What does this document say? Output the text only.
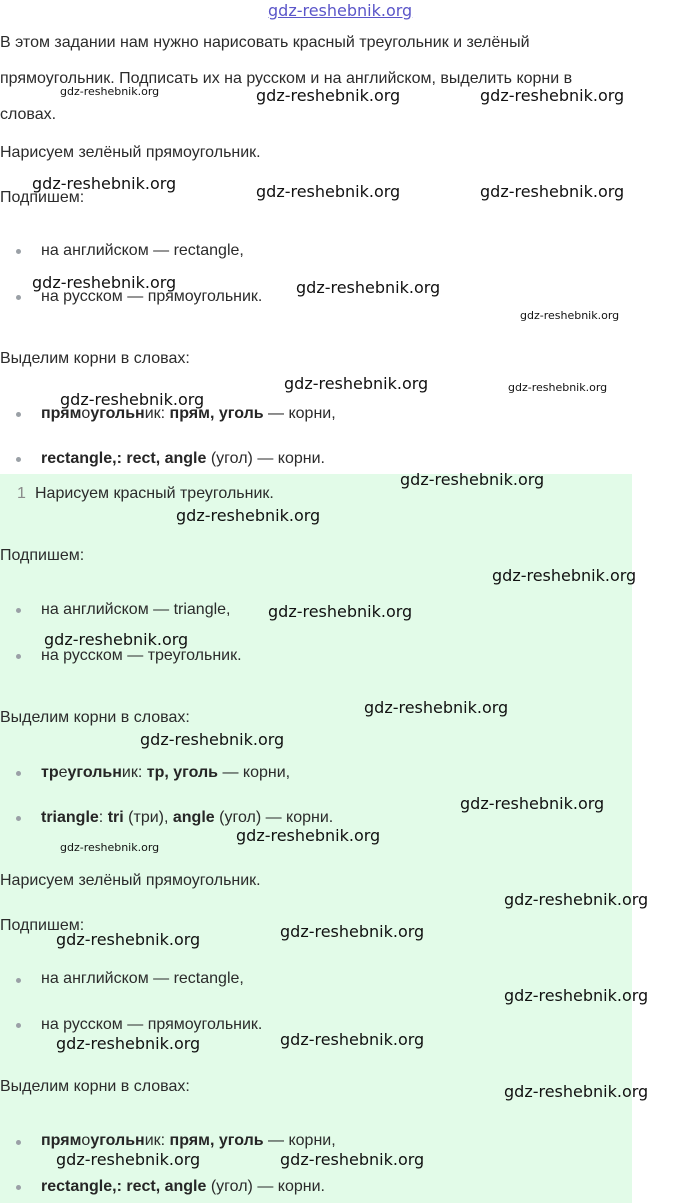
gdz-reshebnik.org
В этом задании нам нужно нарисовать красный треугольник и зелёный
прямоугольник. Подписать их на русском и на английском, выделить корни в
словах.
Нарисуем зелёный прямоугольник.
Подпишем:
на английском — rectangle,
на русском — прямоугольник.
Выделим корни в словах:
прямоугольник: прям, уголь — корни,
rectangle,: rect, angle (угол) — корни.
1 Нарисуем красный треугольник.
Подпишем:
на английском — triangle,
на русском — треугольник.
Выделим корни в словах:
треугольник: тр, уголь — корни,
triangle: tri (три), angle (угол) — корни.
Нарисуем зелёный прямоугольник.
Подпишем:
на английском — rectangle,
на русском — прямоугольник.
Выделим корни в словах:
прямоугольник: прям, уголь — корни,
rectangle,: rect, angle (угол) — корни.
gdz-reshebnik.org	gdz-reshebnik.org	gdz-reshebnik.org
gdz-reshebnik.org	gdz-reshebnik.org	gdz-reshebnik.org
gdz-reshebnik.org	gdz-reshebnik.org
gdz-reshebnik.org
gdz-reshebnik.org
gdz-reshebnik.org	gdz-reshebnik.org
gdz-reshebnik.org
gdz-reshebnik.org
gdz-reshebnik.org
gdz-reshebnik.org
gdz-reshebnik.org
gdz-reshebnik.org
gdz-reshebnik.org
gdz-reshebnik.org
gdz-reshebnik.org
gdz-reshebnik.org
gdz-reshebnik.org
gdz-reshebnik.org	gdz-reshebnik.org
gdz-reshebnik.org
gdz-reshebnik.org	gdz-reshebnik.org
gdz-reshebnik.org
gdz-reshebnik.org	gdz-reshebnik.org
